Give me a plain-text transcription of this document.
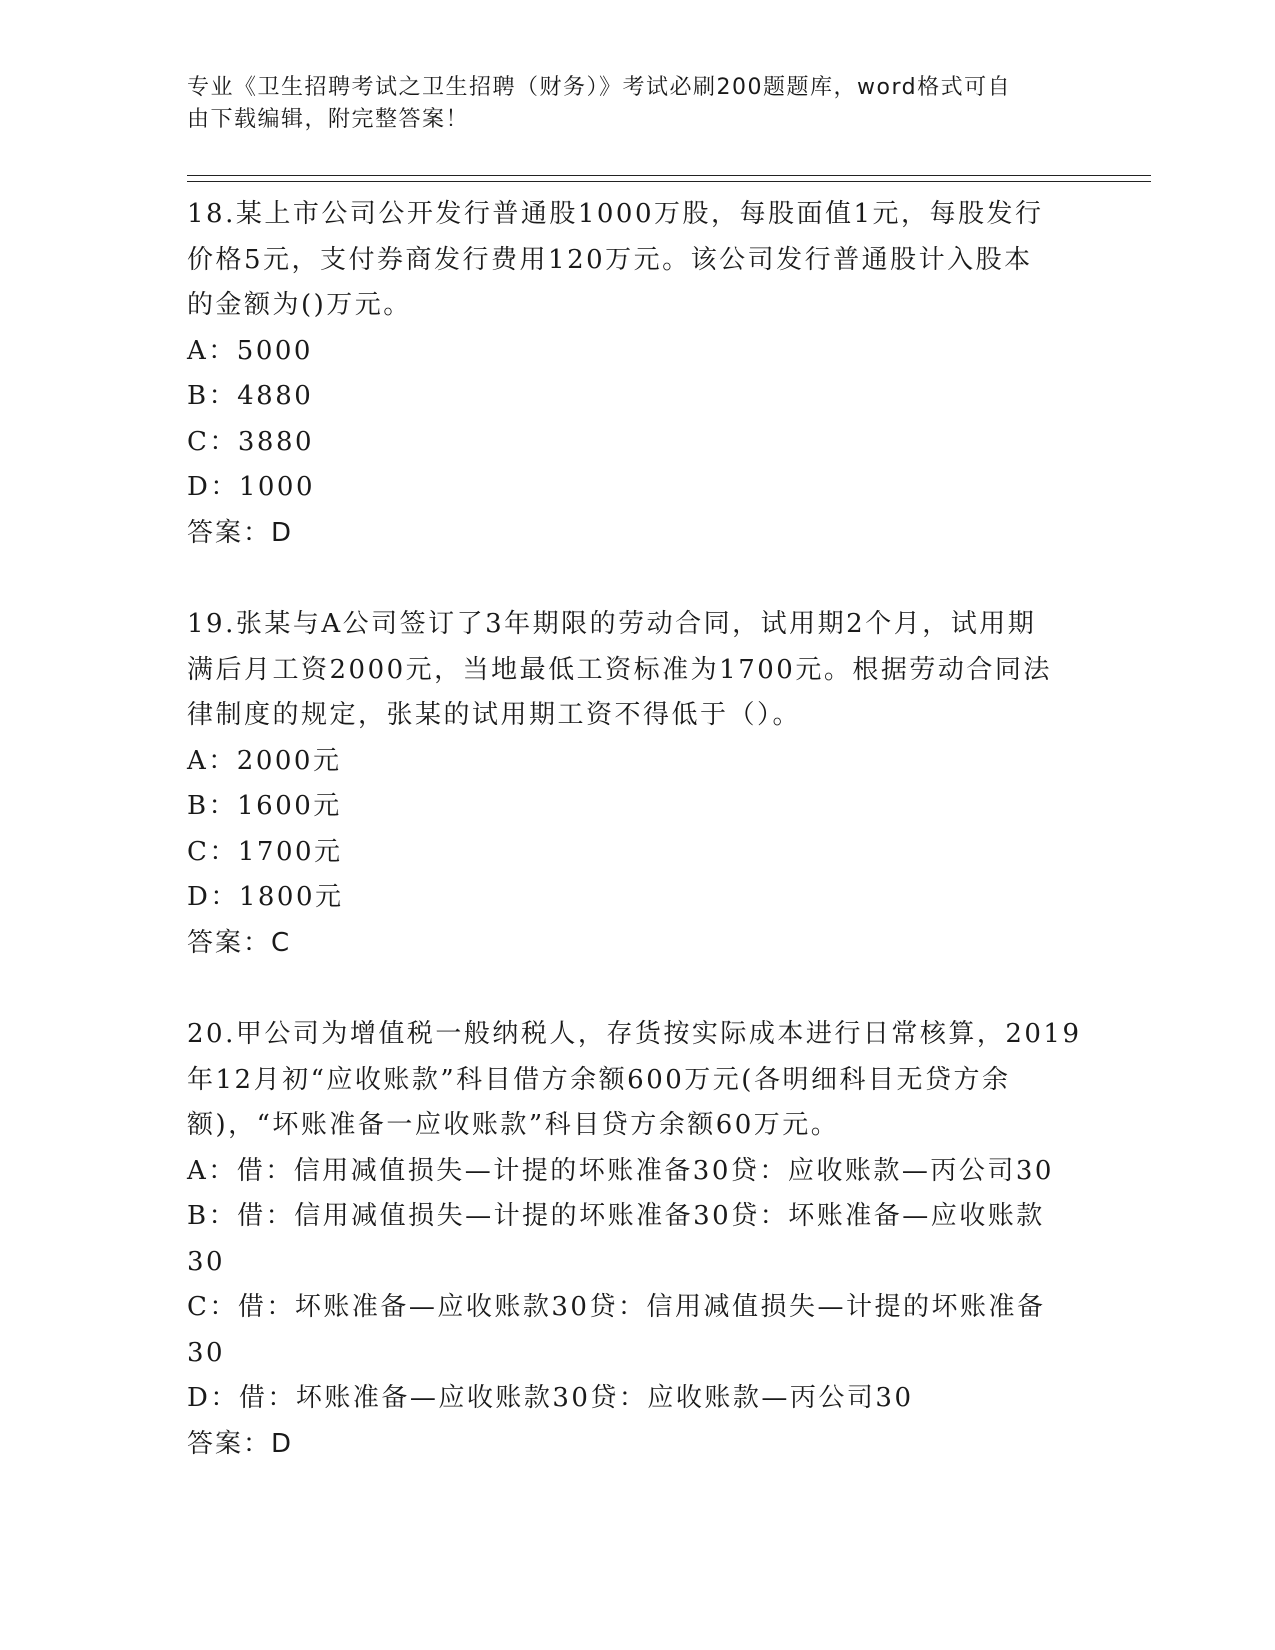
专业《卫生招聘考试之卫生招聘（财务）》考试必刷200题题库，word格式可自
由下载编辑，附完整答案！
18.某上市公司公开发行普通股1000万股，每股面值1元，每股发行
价格5元，支付券商发行费用120万元。该公司发行普通股计入股本
的金额为()万元。
A：5000
B：4880
C：3880
D：1000
答案：D
19.张某与A公司签订了3年期限的劳动合同，试用期2个月，试用期
满后月工资2000元，当地最低工资标准为1700元。根据劳动合同法
律制度的规定，张某的试用期工资不得低于（）。
A：2000元
B：1600元
C：1700元
D：1800元
答案：C
20.甲公司为增值税一般纳税人，存货按实际成本进行日常核算，2019
年12月初“应收账款”科目借方余额600万元(各明细科目无贷方余
额)，“坏账准备一应收账款”科目贷方余额60万元。
A：借：信用减值损失—计提的坏账准备30贷：应收账款—丙公司30
B：借：信用减值损失—计提的坏账准备30贷：坏账准备—应收账款
30
C：借：坏账准备—应收账款30贷：信用减值损失—计提的坏账准备
30
D：借：坏账准备—应收账款30贷：应收账款—丙公司30
答案：D
